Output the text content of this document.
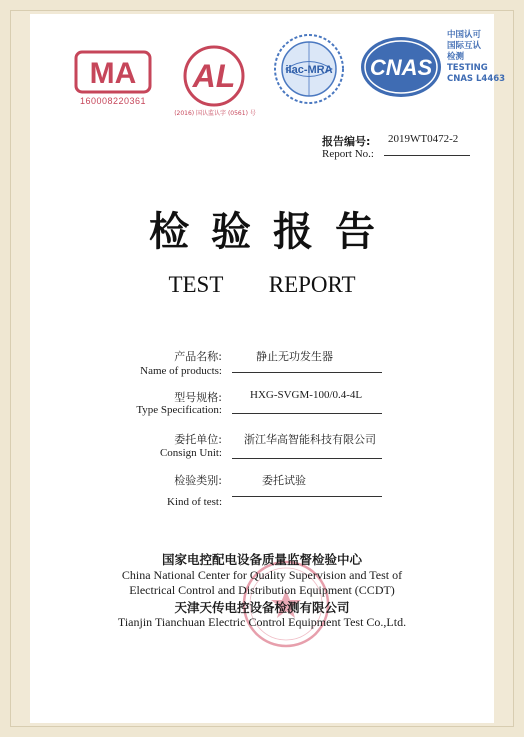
MA
160008220361
AL
(2016) 国认监认字 (0561) 号
ilac-MRA CNAS
中国认可
国际互认
检测
TESTING
CNAS L4463
报告编号: 2019WT0472-2
Report No.:
检验报告
TEST REPORT
产品名称:	静止无功发生器
Name of products:
型号规格:	HXG-SVGM-100/0.4-4L
Type Specification:
委托单位: 浙江华高智能科技有限公司
Consign Unit:
检验类别:	委托试验
Kind of test:
国家电控配电设备质量监督检验中心
China National Center for Quality Supervision and Test of
Electrical Control and Distribution Equipment (CCDT)
天津天传电控设备检测有限公司
Tianjin Tianchuan Electric Control Equipment Test Co.,Ltd.
